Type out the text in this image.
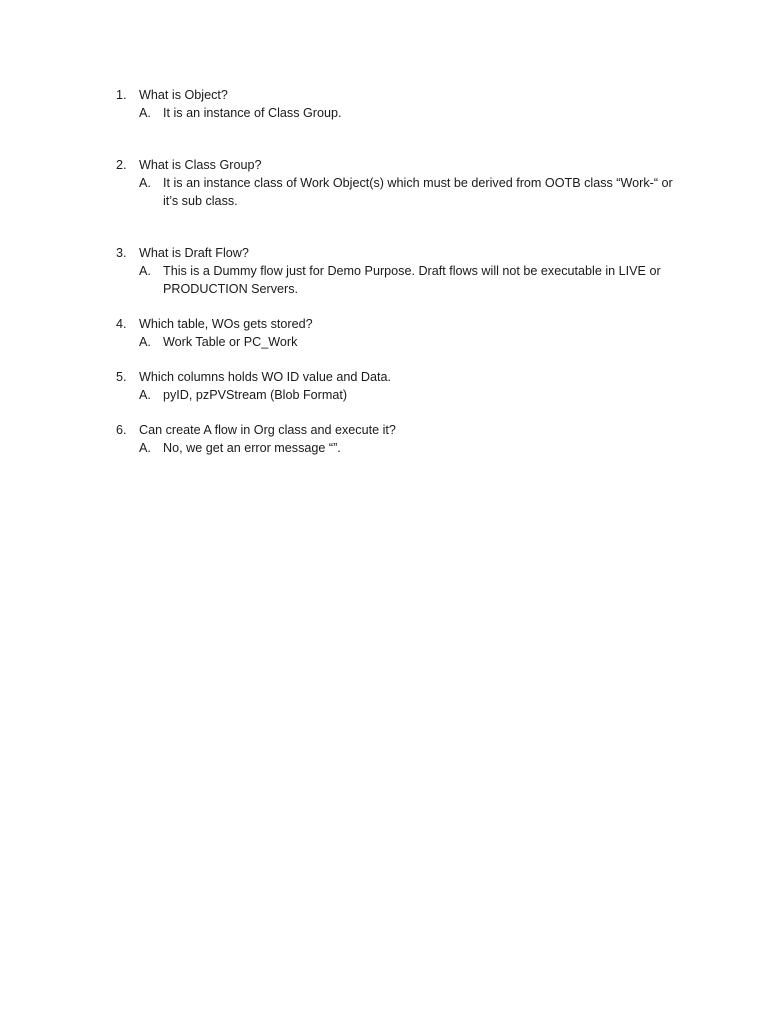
1. What is Object?
A. It is an instance of Class Group.
2. What is Class Group?
A. It is an instance class of Work Object(s) which must be derived from OOTB class “Work-“ or it’s sub class.
3. What is Draft Flow?
A. This is a Dummy flow just for Demo Purpose. Draft flows will not be executable in LIVE or PRODUCTION Servers.
4. Which table, WOs gets stored?
A. Work Table or PC_Work
5. Which columns holds WO ID value and Data.
A. pyID, pzPVStream (Blob Format)
6. Can create A flow in Org class and execute it?
A. No, we get an error message “”.
